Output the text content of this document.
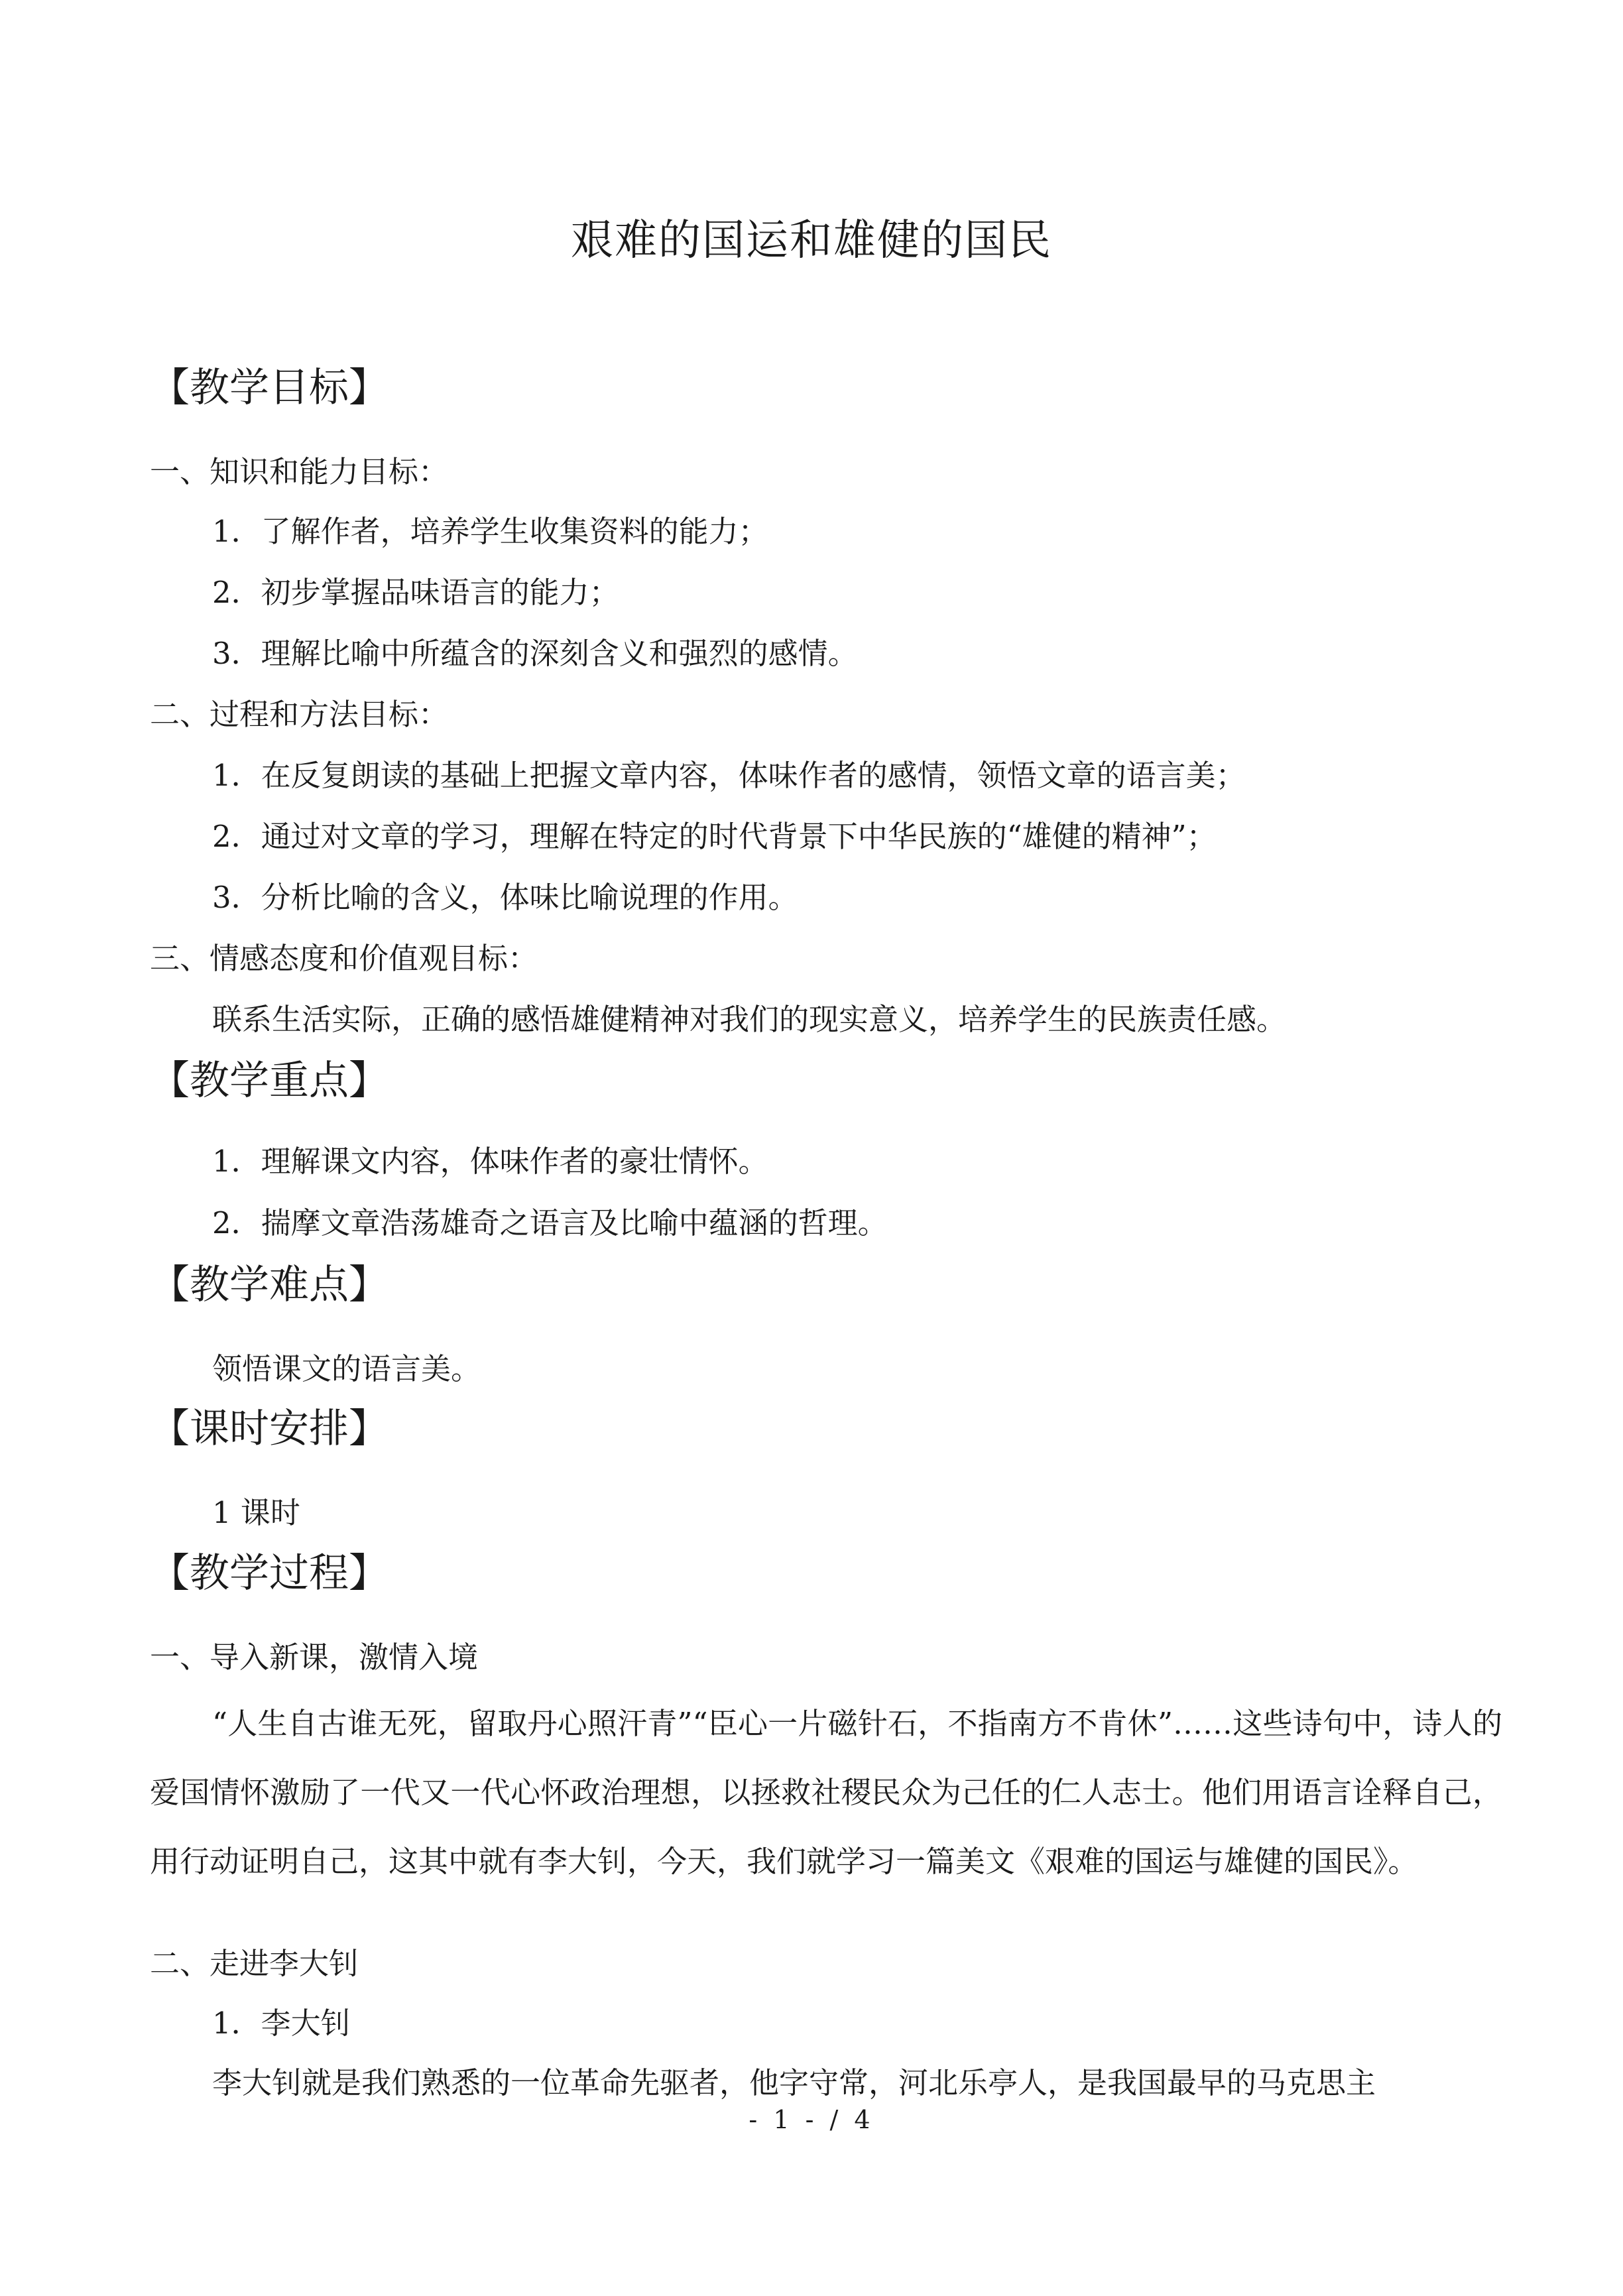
艰难的国运和雄健的国民
【教学目标】
一、知识和能力目标：
1．了解作者，培养学生收集资料的能力；
2．初步掌握品味语言的能力；
3．理解比喻中所蕴含的深刻含义和强烈的感情。
二、过程和方法目标：
1．在反复朗读的基础上把握文章内容，体味作者的感情，领悟文章的语言美；
2．通过对文章的学习，理解在特定的时代背景下中华民族的“雄健的精神”；
3．分析比喻的含义，体味比喻说理的作用。
三、情感态度和价值观目标：
联系生活实际，正确的感悟雄健精神对我们的现实意义，培养学生的民族责任感。
【教学重点】
1．理解课文内容，体味作者的豪壮情怀。
2．揣摩文章浩荡雄奇之语言及比喻中蕴涵的哲理。
【教学难点】
领悟课文的语言美。
【课时安排】
1 课时
【教学过程】
一、导入新课，激情入境
“人生自古谁无死，留取丹心照汗青”“臣心一片磁针石，不指南方不肯休”……这些诗句中，诗人的爱国情怀激励了一代又一代心怀政治理想，以拯救社稷民众为己任的仁人志士。他们用语言诠释自己，用行动证明自己，这其中就有李大钊，今天，我们就学习一篇美文《艰难的国运与雄健的国民》。
二、走进李大钊
1．李大钊
李大钊就是我们熟悉的一位革命先驱者，他字守常，河北乐亭人，是我国最早的马克思主
- 1 - / 4
